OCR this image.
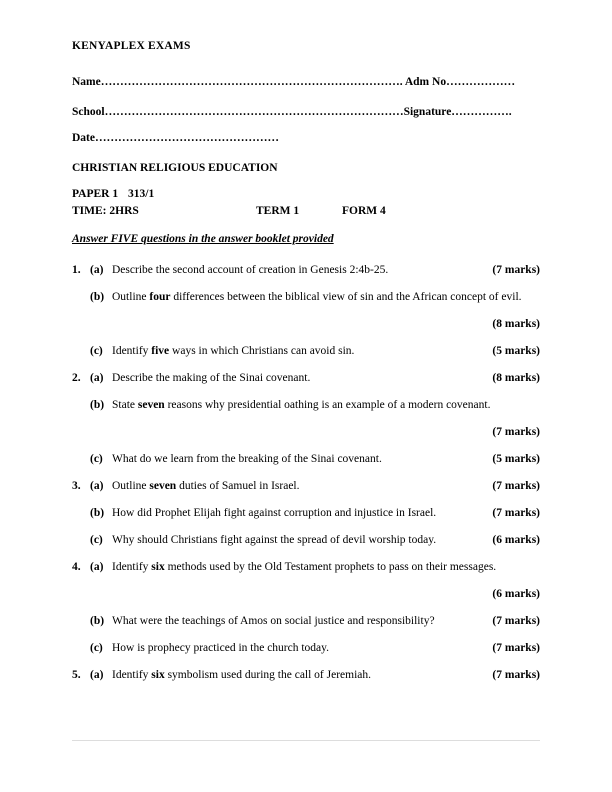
KENYAPLEX EXAMS
Name……………………………………………………………………. Adm No………………
School……………………………………………………………………Signature…………….
Date…………………………………………
CHRISTIAN RELIGIOUS EDUCATION
PAPER 1 313/1
TIME: 2HRS	TERM 1	FORM 4
Answer FIVE questions in the answer booklet provided
1. (a) Describe the second account of creation in Genesis 2:4b-25.	(7 marks)
(b) Outline four differences between the biblical view of sin and the African concept of evil.
(8 marks)
(c) Identify five ways in which Christians can avoid sin.	(5 marks)
2. (a) Describe the making of the Sinai covenant.	(8 marks)
(b) State seven reasons why presidential oathing is an example of a modern covenant.
(7 marks)
(c) What do we learn from the breaking of the Sinai covenant.	(5 marks)
3. (a) Outline seven duties of Samuel in Israel.	(7 marks)
(b) How did Prophet Elijah fight against corruption and injustice in Israel.	(7 marks)
(c) Why should Christians fight against the spread of devil worship today.	(6 marks)
4. (a) Identify six methods used by the Old Testament prophets to pass on their messages.
(6 marks)
(b) What were the teachings of Amos on social justice and responsibility?	(7 marks)
(c) How is prophecy practiced in the church today.	(7 marks)
5. (a) Identify six symbolism used during the call of Jeremiah.	(7 marks)
